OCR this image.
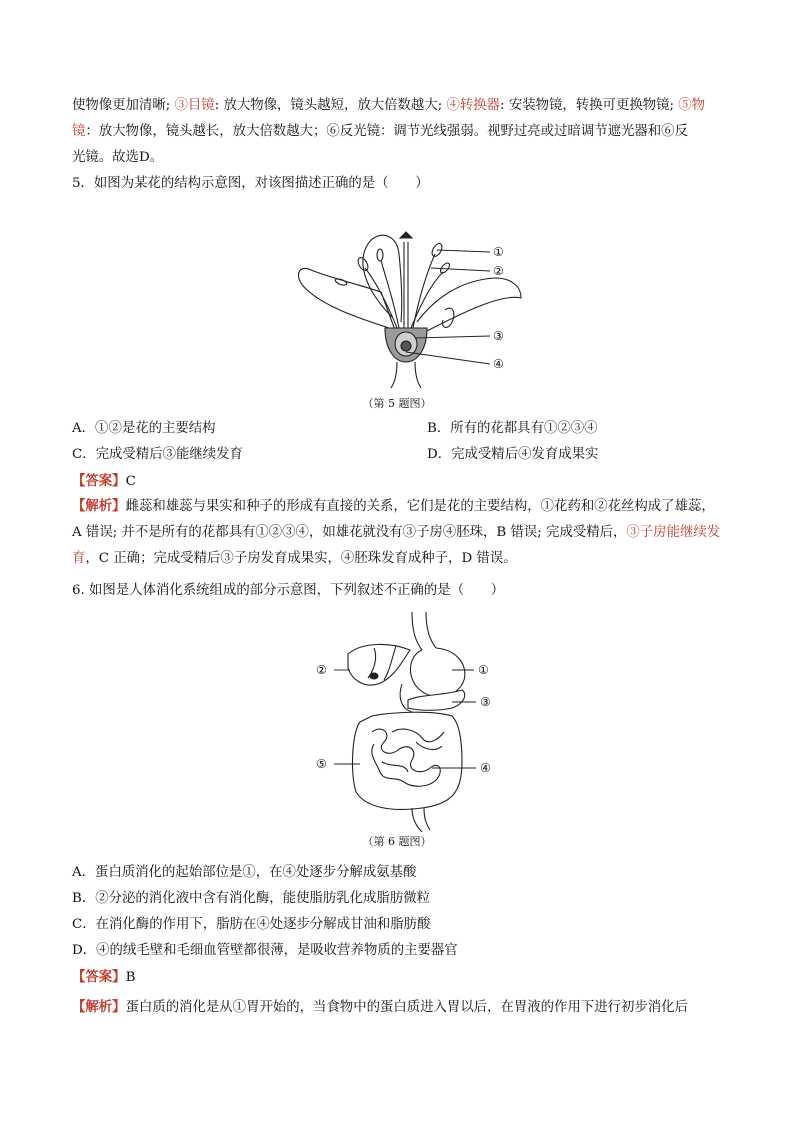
使物像更加清晰; ③目镜: 放大物像，镜头越短，放大倍数越大; ④转换器: 安装物镜，转换可更换物镜; ⑤物
镜：放大物像，镜头越长，放大倍数越大；⑥反光镜：调节光线强弱。视野过亮或过暗调节遮光器和⑥反
光镜。故选D。
5．如图为某花的结构示意图，对该图描述正确的是（　　）
①
②
③
④
（第 5 题图）
A．①②是花的主要结构	B．所有的花都具有①②③④
C．完成受精后③能继续发育	D．完成受精后④发育成果实
【答案】C
【解析】雌蕊和雄蕊与果实和种子的形成有直接的关系，它们是花的主要结构，①花药和②花丝构成了雄蕊，A 错误; 并不是所有的花都具有①②③④，如雄花就没有③子房④胚珠，B 错误; 完成受精后，③子房能继续发育，C 正确；完成受精后③子房发育成果实，④胚珠发育成种子，D 错误。
6. 如图是人体消化系统组成的部分示意图，下列叙述不正确的是（　　）
①
②
③
④
⑤
（第 6 题图）
A．蛋白质消化的起始部位是①，在④处逐步分解成氨基酸
B．②分泌的消化液中含有消化酶，能使脂肪乳化成脂肪微粒
C．在消化酶的作用下，脂肪在④处逐步分解成甘油和脂肪酸
D．④的绒毛壁和毛细血管壁都很薄，是吸收营养物质的主要器官
【答案】B
【解析】蛋白质的消化是从①胃开始的，当食物中的蛋白质进入胃以后，在胃液的作用下进行初步消化后
